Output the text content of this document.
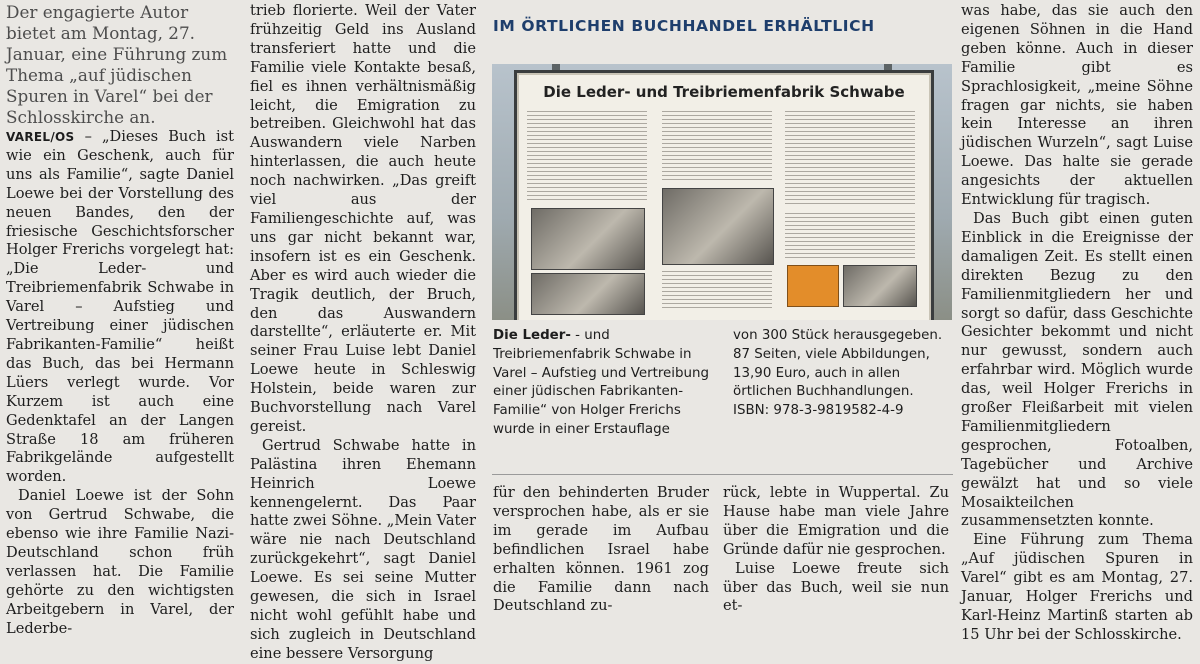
Der engagierte Autor bietet am Montag, 27. Januar, eine Führung zum Thema „auf jüdischen Spuren in Varel“ bei der Schlosskirche an.

VAREL/OS – „Dieses Buch ist wie ein Geschenk, auch für uns als Familie“, sagte Daniel Loewe bei der Vorstellung des neuen Bandes, den der friesische Geschichtsforscher Holger Frerichs vorgelegt hat: „Die Leder- und Treibriemenfabrik Schwabe in Varel – Aufstieg und Vertreibung einer jüdischen Fabrikanten-Familie“ heißt das Buch, das bei Hermann Lüers verlegt wurde. Vor Kurzem ist auch eine Gedenktafel an der Langen Straße 18 am früheren Fabrikgelände aufgestellt worden.

Daniel Loewe ist der Sohn von Gertrud Schwabe, die ebenso wie ihre Familie Nazi-Deutschland schon früh verlassen hat. Die Familie gehörte zu den wichtigsten Arbeitgebern in Varel, der Lederbe-

trieb florierte. Weil der Vater frühzeitig Geld ins Ausland transferiert hatte und die Familie viele Kontakte besaß, fiel es ihnen verhältnismäßig leicht, die Emigration zu betreiben. Gleichwohl hat das Auswandern viele Narben hinterlassen, die auch heute noch nachwirken. „Das greift viel aus der Familiengeschichte auf, was uns gar nicht bekannt war, insofern ist es ein Geschenk. Aber es wird auch wieder die Tragik deutlich, der Bruch, den das Auswandern darstellte“, erläuterte er. Mit seiner Frau Luise lebt Daniel Loewe heute in Schleswig Holstein, beide waren zur Buchvorstellung nach Varel gereist.

Gertrud Schwabe hatte in Palästina ihren Ehemann Heinrich Loewe kennengelernt. Das Paar hatte zwei Söhne. „Mein Vater wäre nie nach Deutschland zurückgekehrt“, sagt Daniel Loewe. Es sei seine Mutter gewesen, die sich in Israel nicht wohl gefühlt habe und sich zugleich in Deutschland eine bessere Versorgung

IM ÖRTLICHEN BUCHHANDEL ERHÄLTLICH
Die Leder- und Treibriemenfabrik Schwabe
Die Leder- - und Treibriemenfabrik Schwabe in Varel – Aufstieg und Vertreibung einer jüdischen Fabrikanten-Familie“ von Holger Frerichs wurde in einer Erstauflage
von 300 Stück herausgegeben. 87 Seiten, viele Abbildungen, 13,90 Euro, auch in allen örtlichen Buchhandlungen. ISBN: 978-3-9819582-4-9

für den behinderten Bruder versprochen habe, als er sie im gerade im Aufbau befindlichen Israel habe erhalten können. 1961 zog die Familie dann nach Deutschland zu-

rück, lebte in Wuppertal. Zu Hause habe man viele Jahre über die Emigration und die Gründe dafür nie gesprochen.

Luise Loewe freute sich über das Buch, weil sie nun et-

was habe, das sie auch den eigenen Söhnen in die Hand geben könne. Auch in dieser Familie gibt es Sprachlosigkeit, „meine Söhne fragen gar nichts, sie haben kein Interesse an ihren jüdischen Wurzeln“, sagt Luise Loewe. Das halte sie gerade angesichts der aktuellen Entwicklung für tragisch.

Das Buch gibt einen guten Einblick in die Ereignisse der damaligen Zeit. Es stellt einen direkten Bezug zu den Familienmitgliedern her und sorgt so dafür, dass Geschichte Gesichter bekommt und nicht nur gewusst, sondern auch erfahrbar wird. Möglich wurde das, weil Holger Frerichs in großer Fleißarbeit mit vielen Familienmitgliedern gesprochen, Fotoalben, Tagebücher und Archive gewälzt hat und so viele Mosaikteilchen zusammensetzten konnte.

Eine Führung zum Thema „Auf jüdischen Spuren in Varel“ gibt es am Montag, 27. Januar, Holger Frerichs und Karl-Heinz Martinß starten ab 15 Uhr bei der Schlosskirche.
